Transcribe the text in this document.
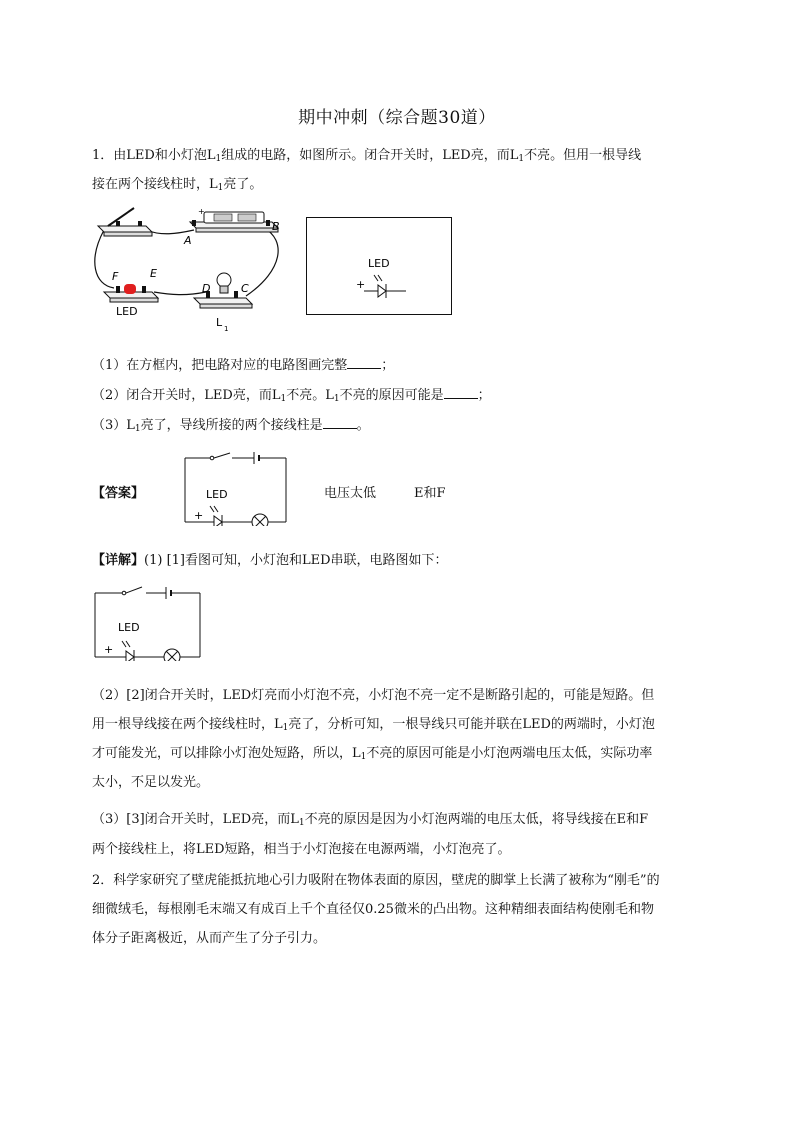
期中冲刺（综合题30道）
1．由LED和小灯泡$L_1$组成的电路，如图所示。闭合开关时，LED亮，而$L_1$不亮。但用一根导线
接在两个接线柱时，$L_1$亮了。
+
A
B
F	E
LED
D	C
L 1
LED
+
（1）在方框内，把电路对应的电路图画完整	；
（2）闭合开关时，LED亮，而$L_1$不亮。$L_1$不亮的原因可能是	；
$(3)L_1$亮了，导线所接的两个接线柱是	。
【答案】	LED
+
电压太低	E和F
【详解】(1) [1]看图可知，小灯泡和LED串联，电路图如下：
LED
+
（2）[2]闭合开关时，LED灯亮而小灯泡不亮，小灯泡不亮一定不是断路引起的，可能是短路。但
用一根导线接在两个接线柱时，$L_1$亮了，分析可知，一根导线只可能并联在LED的两端时，小灯泡
才可能发光，可以排除小灯泡处短路，所以，$L_1$不亮的原因可能是小灯泡两端电压太低，实际功率
太小，不足以发光。
（3）[3]闭合开关时，LED亮，而$L_1$不亮的原因是因为小灯泡两端的电压太低，将导线接在E和F
两个接线柱上，将LED短路，相当于小灯泡接在电源两端，小灯泡亮了。
2．科学家研究了壁虎能抵抗地心引力吸附在物体表面的原因，壁虎的脚掌上长满了被称为“刚毛”的
细微绒毛，每根刚毛末端又有成百上千个直径仅0.25微米的凸出物。这种精细表面结构使刚毛和物
体分子距离极近，从而产生了分子引力。
